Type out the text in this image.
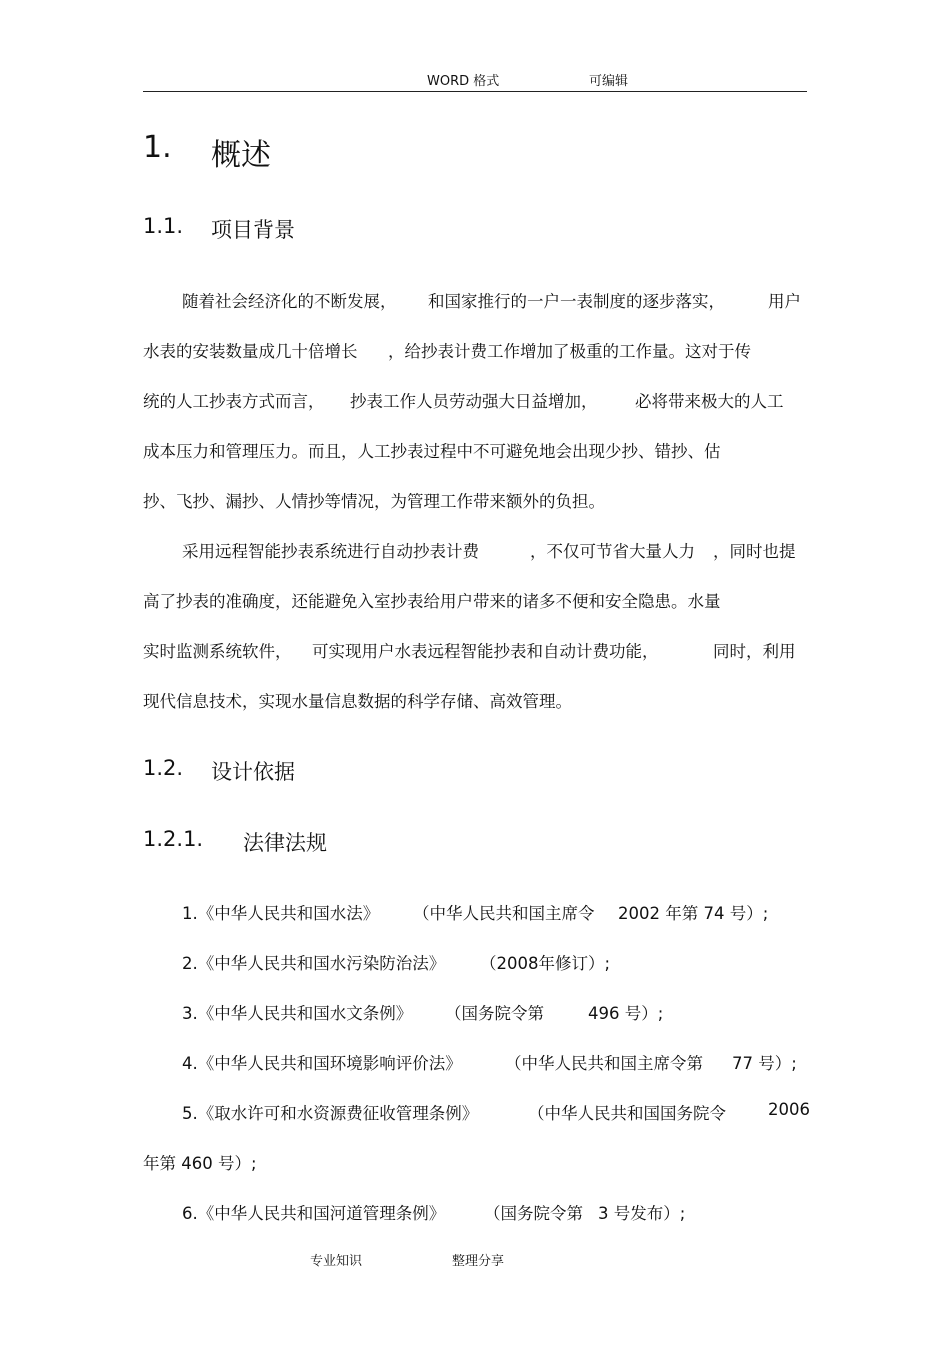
WORD 格式	可编辑
1. 概述
1.1. 项目背景
随着社会经济化的不断发展， 和国家推行的一户一表制度的逐步落实，	用户
水表的安装数量成几十倍增长 ，给抄表计费工作增加了极重的工作量。这对于传
统的人工抄表方式而言， 抄表工作人员劳动强大日益增加， 必将带来极大的人工
成本压力和管理压力。而且，人工抄表过程中不可避免地会出现少抄、错抄、估
抄、飞抄、漏抄、人情抄等情况，为管理工作带来额外的负担。
采用远程智能抄表系统进行自动抄表计费	，不仅可节省大量人力 ，同时也提
高了抄表的准确度，还能避免入室抄表给用户带来的诸多不便和安全隐患。水量
实时监测系统软件， 可实现用户水表远程智能抄表和自动计费功能，	同时，利用
现代信息技术，实现水量信息数据的科学存储、高效管理。
1.2. 设计依据
1.2.1. 法律法规
1.《中华人民共和国水法》 （中华人民共和国主席令 2002 年第 74 号）;
2.《中华人民共和国水污染防治法》 （2008年修订）;
3.《中华人民共和国水文条例》 （国务院令第	496 号）;
4.《中华人民共和国环境影响评价法》	（中华人民共和国主席令第 77 号）;
5.《取水许可和水资源费征收管理条例》	（中华人民共和国国务院令	2006
年第 460 号）;
6.《中华人民共和国河道管理条例》 （国务院令第 3 号发布）;
专业知识	整理分享
